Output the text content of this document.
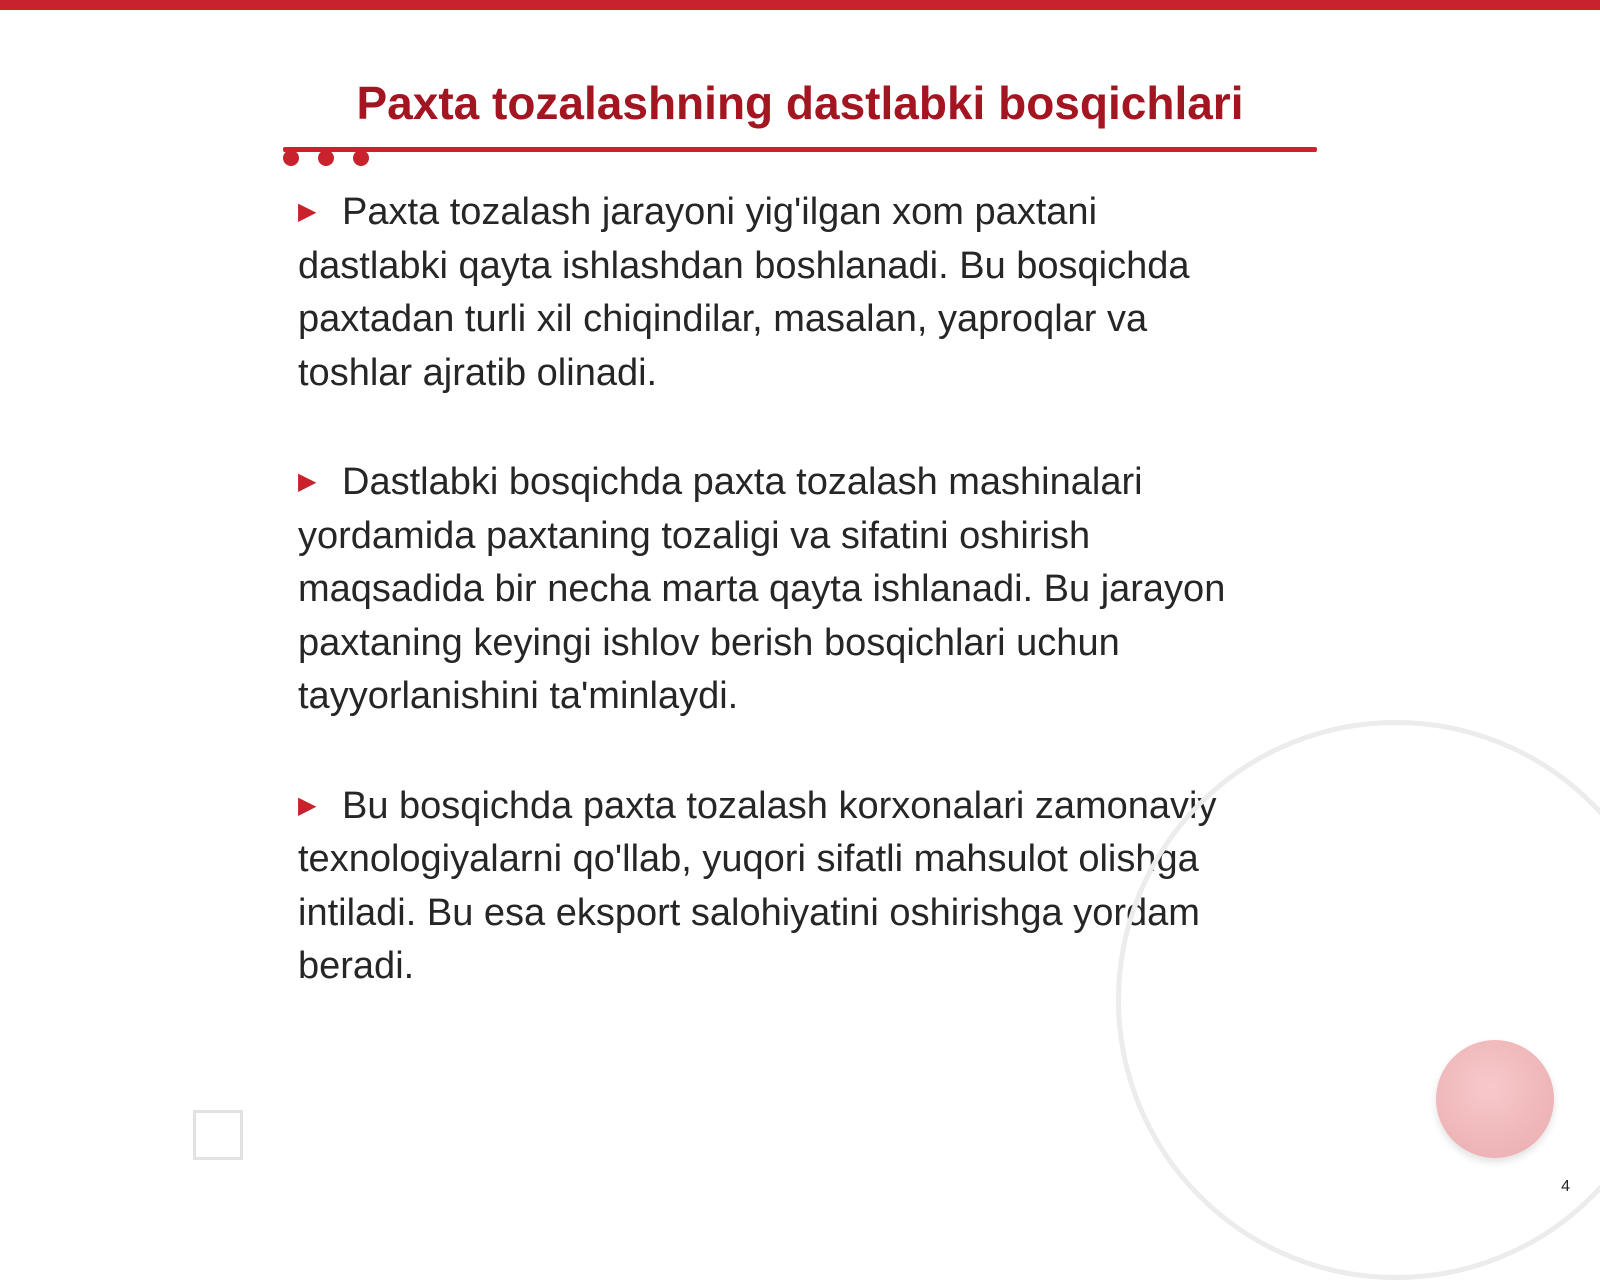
Paxta tozalashning dastlabki bosqichlari

▶ Paxta tozalash jarayoni yig'ilgan xom paxtani
dastlabki qayta ishlashdan boshlanadi. Bu bosqichda
paxtadan turli xil chiqindilar, masalan, yaproqlar va
toshlar ajratib olinadi.

▶ Dastlabki bosqichda paxta tozalash mashinalari
yordamida paxtaning tozaligi va sifatini oshirish
maqsadida bir necha marta qayta ishlanadi. Bu jarayon
paxtaning keyingi ishlov berish bosqichlari uchun
tayyorlanishini ta'minlaydi.

▶ Bu bosqichda paxta tozalash korxonalari zamonaviy
texnologiyalarni qo'llab, yuqori sifatli mahsulot olishga
intiladi. Bu esa eksport salohiyatini oshirishga yordam
beradi.

4
